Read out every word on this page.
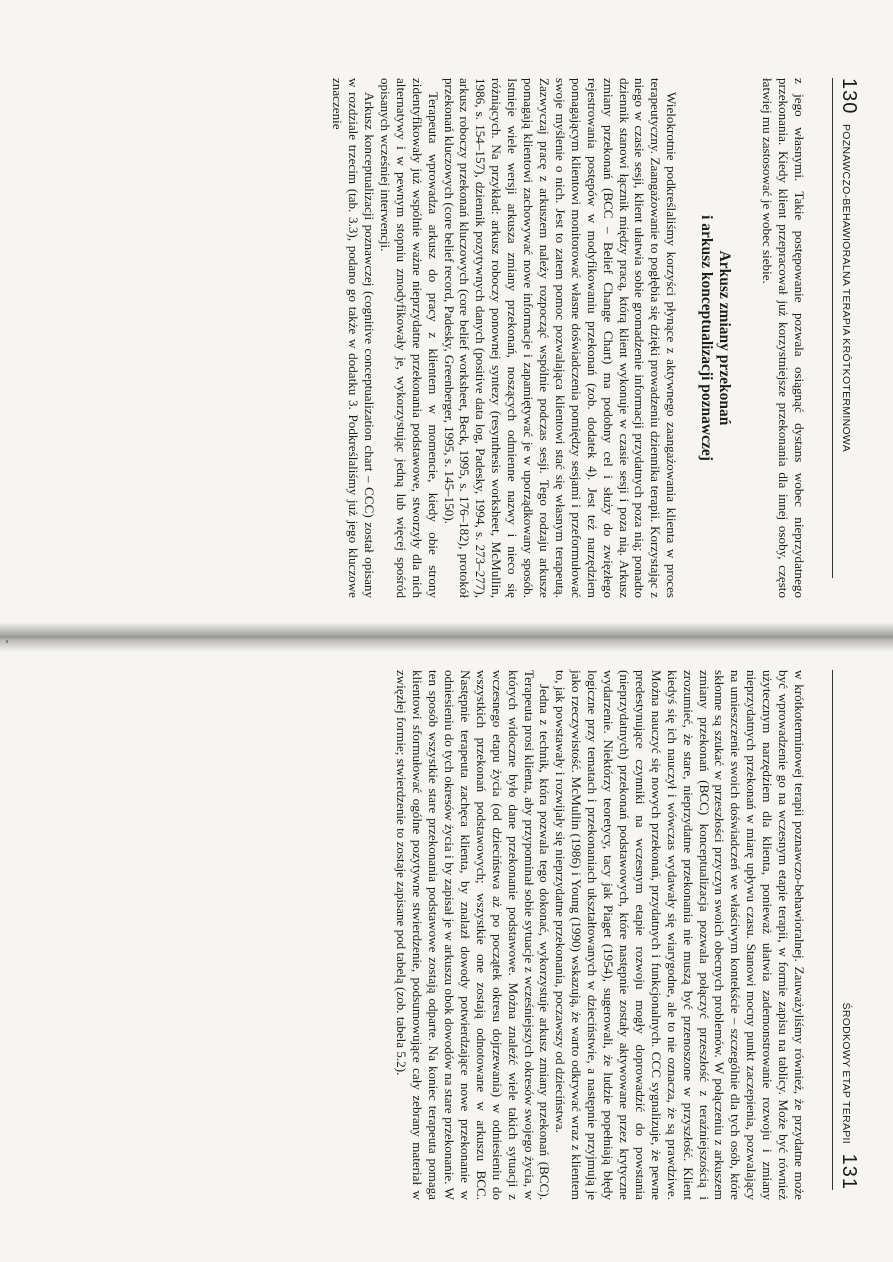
130
POZNAWCZO-BEHAWIORALNA TERAPIA KRÓTKOTERMINOWA

z jego własnymi. Takie postępowanie pozwala osiągnąć dystans wobec nieprzydatnego przekonania. Kiedy klient przepracował już korzystniejsze przekonania dla innej osoby, często łatwiej mu zastosować je wobec siebie.

Arkusz zmiany przekonań
i arkusz konceptualizacji poznawczej

Wielokrotnie podkreślaliśmy korzyści płynące z aktywnego zaangażowania klienta w proces terapeutyczny. Zaangażowanie to pogłębia się dzięki prowadzeniu dziennika terapii. Korzystając z niego w czasie sesji, klient ułatwia sobie gromadzenie informacji przydatnych poza nią; ponadto dziennik stanowi łącznik między pracą, którą klient wykonuje w czasie sesji i poza nią. Arkusz zmiany przekonań (BCC – Belief Change Chart) ma podobny cel i służy do zwięzłego rejestrowania postępów w modyfikowaniu przekonań (zob. dodatek 4). Jest też narzędziem pomagającym klientowi monitorować własne doświadczenia pomiędzy sesjami i przeformułować swoje myślenie o nich. Jest to zatem pomoc pozwalająca klientowi stać się własnym terapeutą. Zazwyczaj pracę z arkuszem należy rozpocząć wspólnie podczas sesji. Tego rodzaju arkusze pomagają klientowi zachowywać nowe informacje i zapamiętywać je w uporządkowany sposób. Istnieje wiele wersji arkusza zmiany przekonań, noszących odmienne nazwy i nieco się różniących. Na przykład: arkusz roboczy ponownej syntezy (resynthesis worksheet, McMullin, 1986, s. 154–157), dziennik pozytywnych danych (positive data log, Padesky, 1994, s. 273–277), arkusz roboczy przekonań kluczowych (core belief worksheet, Beck, 1995, s. 176–182), protokół przekonań kluczowych (core belief record, Padesky, Greenberger, 1995, s. 145–150).

Terapeuta wprowadza arkusz do pracy z klientem w momencie, kiedy obie strony zidentyfikowały już wspólnie ważne nieprzydatne przekonania podstawowe, stworzyły dla nich alternatywy i w pewnym stopniu zmodyfikowały je, wykorzystując jedną lub więcej spośród opisanych wcześniej interwencji.

Arkusz konceptualizacji poznawczej (cognitive conceptualization chart – CCC) został opisany w rozdziale trzecim (tab. 3.3), podano go także w dodatku 3. Podkreślaliśmy już jego kluczowe znaczenie

ŚRODKOWY ETAP TERAPII
131

w krótkoterminowej terapii poznawczo-behawioralnej. Zauważyliśmy również, że przydatne może być wprowadzenie go na wczesnym etapie terapii, w formie zapisu na tablicy. Może być również użytecznym narzędziem dla klienta, ponieważ ułatwia zademonstrowanie rozwoju i zmiany nieprzydatnych przekonań w miarę upływu czasu. Stanowi mocny punkt zaczepienia, pozwalający na umieszczenie swoich doświadczeń we właściwym kontekście – szczególnie dla tych osób, które skłonne są szukać w przeszłości przyczyn swoich obecnych problemów. W połączeniu z arkuszem zmiany przekonań (BCC) konceptualizacja pozwala połączyć przeszłość z teraźniejszością i zrozumieć, że stare, nieprzydatne przekonania nie muszą być przenoszone w przyszłość. Klient kiedyś się ich nauczył i wówczas wydawały się wiarygodne, ale to nie oznacza, że są prawdziwe. Można nauczyć się nowych przekonań, przydatnych i funkcjonalnych. CCC sygnalizuje, że pewne predestynujące czynniki na wczesnym etapie rozwoju mogły doprowadzić do powstania (nieprzydatnych) przekonań podstawowych, które następnie zostały aktywowane przez krytyczne wydarzenie. Niektórzy teoretycy, tacy jak Piaget (1954), sugerowali, że ludzie popełniają błędy logiczne przy tematach i przekonaniach ukształtowanych w dzieciństwie, a następnie przyjmują je jako rzeczywistość. McMullin (1986) i Young (1990) wskazują, że warto odkrywać wraz z klientem to, jak powstawały i rozwijały się nieprzydatne przekonania, poczawszy od dzieciństwa.

Jedna z technik, która pozwala tego dokonać, wykorzystuje arkusz zmiany przekonań (BCC). Terapeuta prosi klienta, aby przypominał sobie sytuacje z wcześniejszych okresów swojego życia, w których widoczne było dane przekonanie podstawowe. Można znaleźć wiele takich sytuacji z wczesnego etapu życia (od dzieciństwa aż po początek okresu dojrzewania) w odniesieniu do wszystkich przekonań podstawowych; wszystkie one zostają odnotowane w arkuszu BCC. Następnie terapeuta zachęca klienta, by znalazł dowody potwierdzające nowe przekonanie w odniesieniu do tych okresów życia i by zapisał je w arkuszu obok dowodów na stare przekonanie. W ten sposób wszystkie stare przekonania podstawowe zostają odparte. Na koniec terapeuta pomaga klientowi sformułować ogólne pozytywne stwierdzenie, podsumowujące cały zebrany materiał w zwięzłej formie; stwierdzenie to zostaje zapisane pod tabelą (zob. tabela 5.2).
